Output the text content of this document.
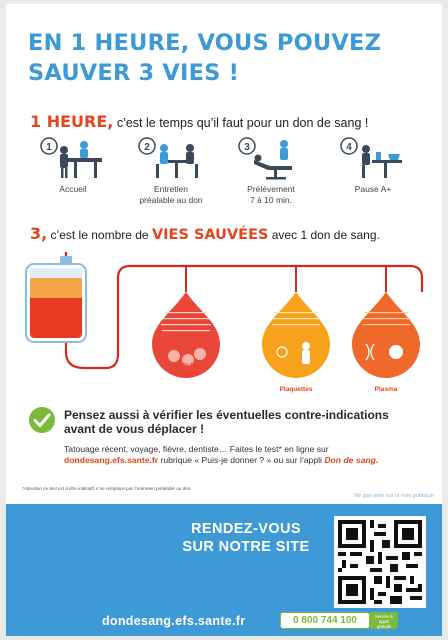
EN 1 HEURE, VOUS POUVEZ
SAUVER 3 VIES !
1 HEURE, c’est le temps qu’il faut pour un don de sang !
1
Accueil
2
Entretien
préalable au don
3
Prélèvement
7 à 10 min.
4
Pause A+
3, c’est le nombre de VIES SAUVÉES avec 1 don de sang.
Globules
rouges
Plaquettes	Plasma
Pensez aussi à vérifier les éventuelles contre-indications
avant de vous déplacer !
Tatouage récent, voyage, fièvre, dentiste… Faites le test* en ligne sur
dondesang.efs.sante.fr rubrique « Puis-je donner ? » ou sur l’appli Don de sang.
*Attention ce test est à titre indicatif, il ne remplace pas l’entretien préalable au don.
Ne pas jeter sur la voie publique
RENDEZ-VOUS
SUR NOTRE SITE
dondesang.efs.sante.fr	0 800 744 100	Service & appel
gratuits
